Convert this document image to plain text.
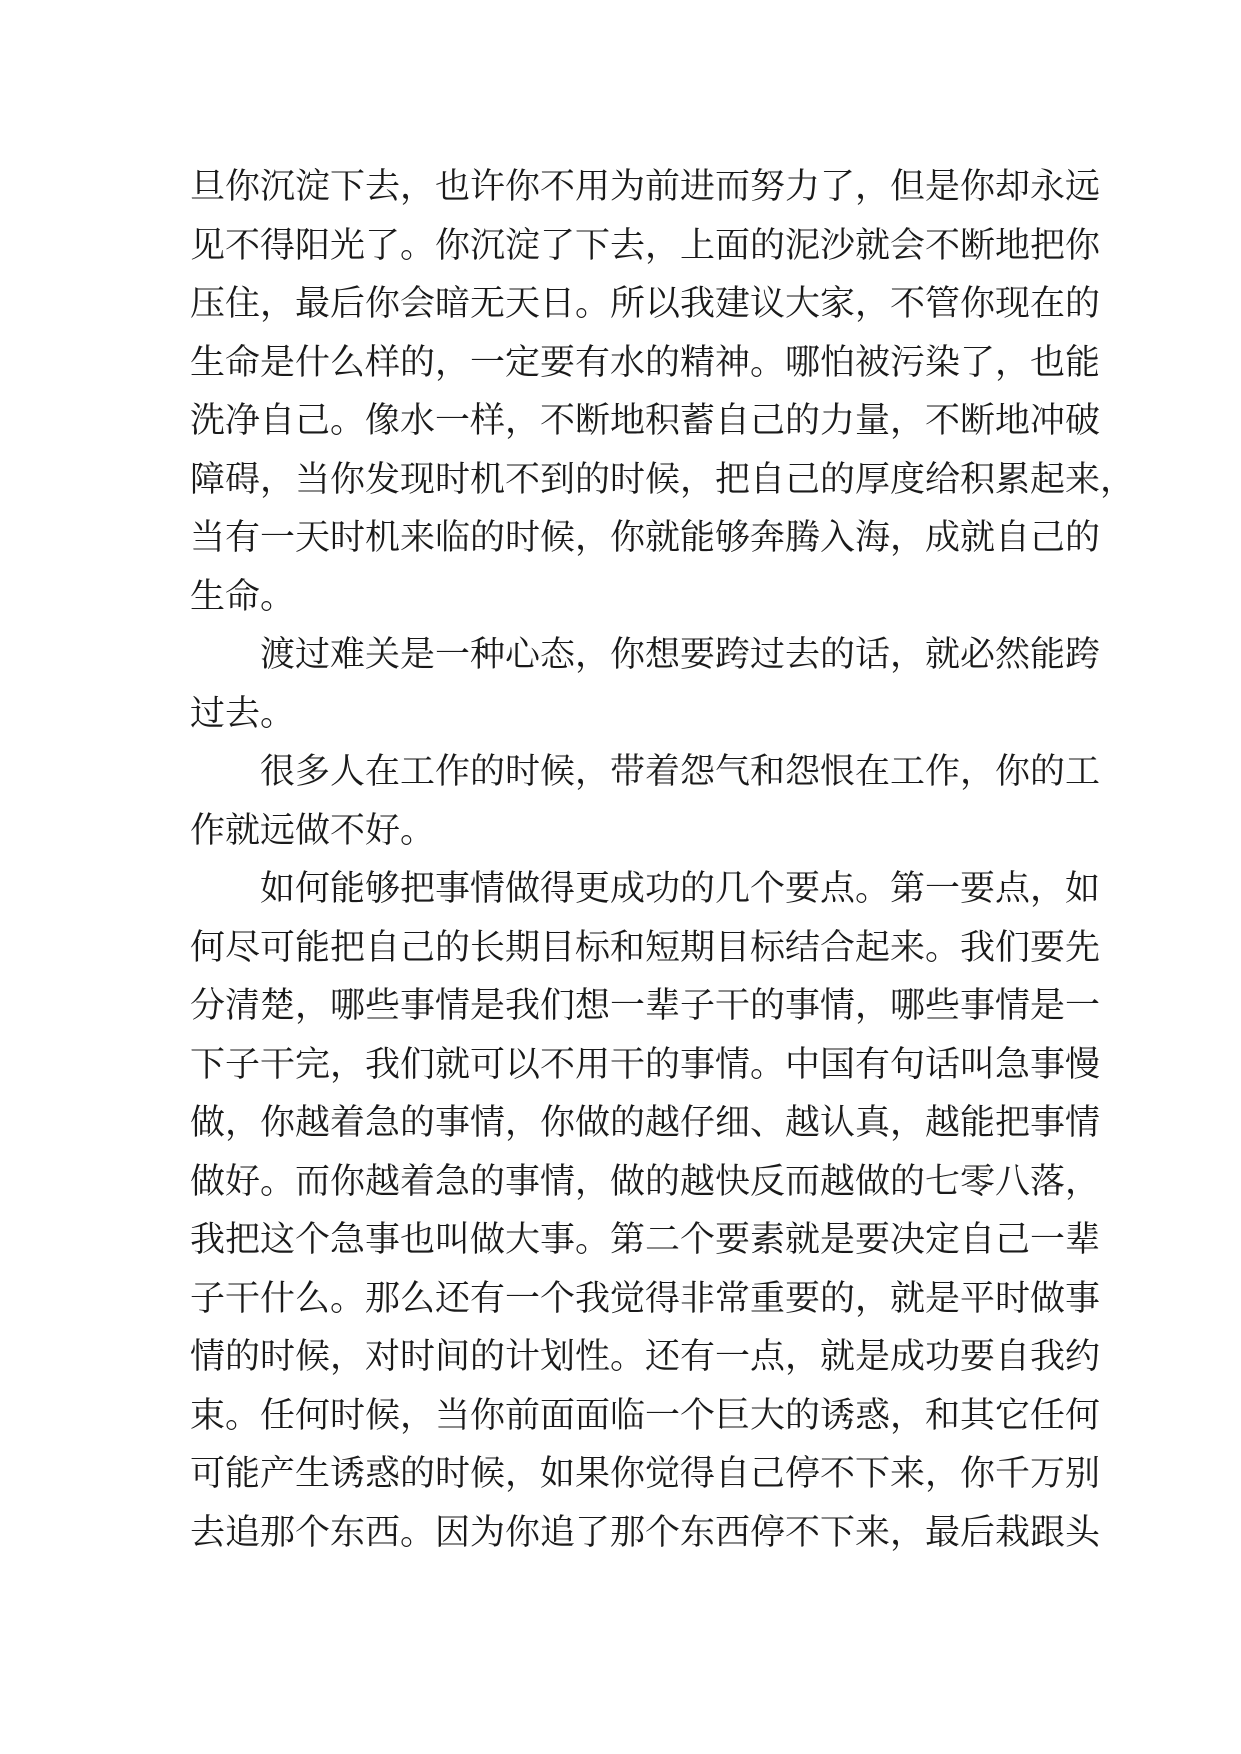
旦你沉淀下去，也许你不用为前进而努力了，但是你却永远
见不得阳光了。你沉淀了下去，上面的泥沙就会不断地把你
压住，最后你会暗无天日。所以我建议大家，不管你现在的
生命是什么样的，一定要有水的精神。哪怕被污染了，也能
洗净自己。像水一样，不断地积蓄自己的力量，不断地冲破
障碍，当你发现时机不到的时候，把自己的厚度给积累起来，
当有一天时机来临的时候，你就能够奔腾入海，成就自己的
生命。
渡过难关是一种心态，你想要跨过去的话，就必然能跨
过去。
很多人在工作的时候，带着怨气和怨恨在工作，你的工
作就远做不好。
如何能够把事情做得更成功的几个要点。第一要点，如
何尽可能把自己的长期目标和短期目标结合起来。我们要先
分清楚，哪些事情是我们想一辈子干的事情，哪些事情是一
下子干完，我们就可以不用干的事情。中国有句话叫急事慢
做，你越着急的事情，你做的越仔细、越认真，越能把事情
做好。而你越着急的事情，做的越快反而越做的七零八落，
我把这个急事也叫做大事。第二个要素就是要决定自己一辈
子干什么。那么还有一个我觉得非常重要的，就是平时做事
情的时候，对时间的计划性。还有一点，就是成功要自我约
束。任何时候，当你前面面临一个巨大的诱惑，和其它任何
可能产生诱惑的时候，如果你觉得自己停不下来，你千万别
去追那个东西。因为你追了那个东西停不下来，最后栽跟头
